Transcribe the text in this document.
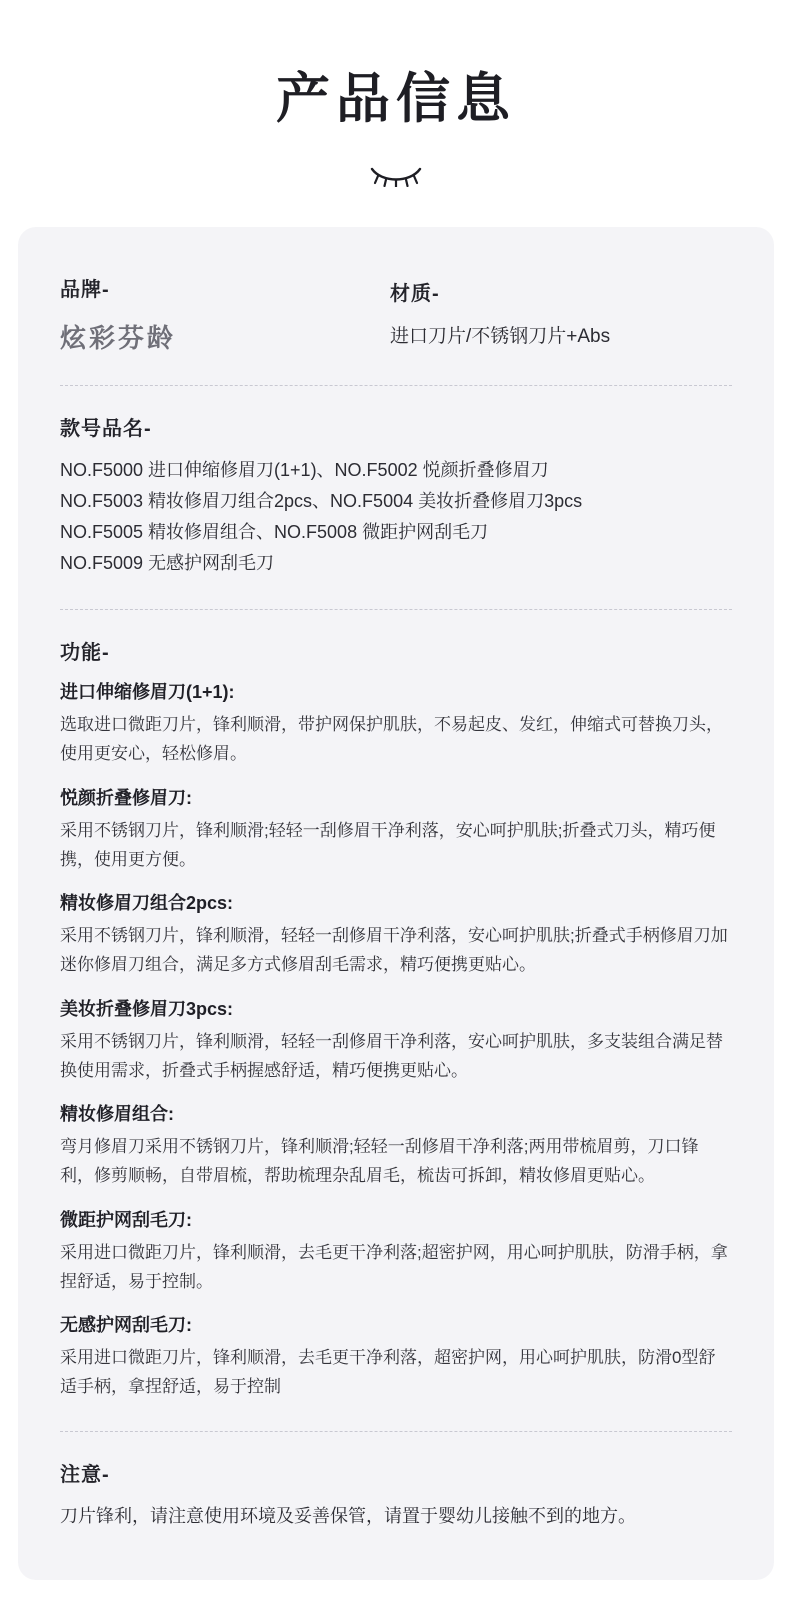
产品信息

品牌-

炫彩芬龄

材质-

进口刀片/不锈钢刀片+Abs

款号品名-

NO.F5000 进口伸缩修眉刀(1+1)、NO.F5002 悦颜折叠修眉刀

NO.F5003 精妆修眉刀组合2pcs、NO.F5004 美妆折叠修眉刀3pcs

NO.F5005 精妆修眉组合、NO.F5008 微距护网刮毛刀

NO.F5009 无感护网刮毛刀

功能-

进口伸缩修眉刀(1+1):

选取进口微距刀片，锋利顺滑，带护网保护肌肤，不易起皮、发红，伸缩式可替换刀头，使用更安心，轻松修眉。

悦颜折叠修眉刀:

采用不锈钢刀片，锋利顺滑;轻轻一刮修眉干净利落，安心呵护肌肤;折叠式刀头，精巧便携，使用更方便。

精妆修眉刀组合2pcs:

采用不锈钢刀片，锋利顺滑，轻轻一刮修眉干净利落，安心呵护肌肤;折叠式手柄修眉刀加迷你修眉刀组合，满足多方式修眉刮毛需求，精巧便携更贴心。

美妆折叠修眉刀3pcs:

采用不锈钢刀片，锋利顺滑，轻轻一刮修眉干净利落，安心呵护肌肤，多支装组合满足替换使用需求，折叠式手柄握感舒适，精巧便携更贴心。

精妆修眉组合:

弯月修眉刀采用不锈钢刀片，锋利顺滑;轻轻一刮修眉干净利落;两用带梳眉剪，刀口锋利，修剪顺畅，自带眉梳，帮助梳理杂乱眉毛，梳齿可拆卸，精妆修眉更贴心。

微距护网刮毛刀:

采用进口微距刀片，锋利顺滑，去毛更干净利落;超密护网，用心呵护肌肤，防滑手柄，拿捏舒适，易于控制。

无感护网刮毛刀:

采用进口微距刀片，锋利顺滑，去毛更干净利落，超密护网，用心呵护肌肤，防滑0型舒适手柄，拿捏舒适，易于控制

注意-

刀片锋利，请注意使用环境及妥善保管，请置于婴幼儿接触不到的地方。
